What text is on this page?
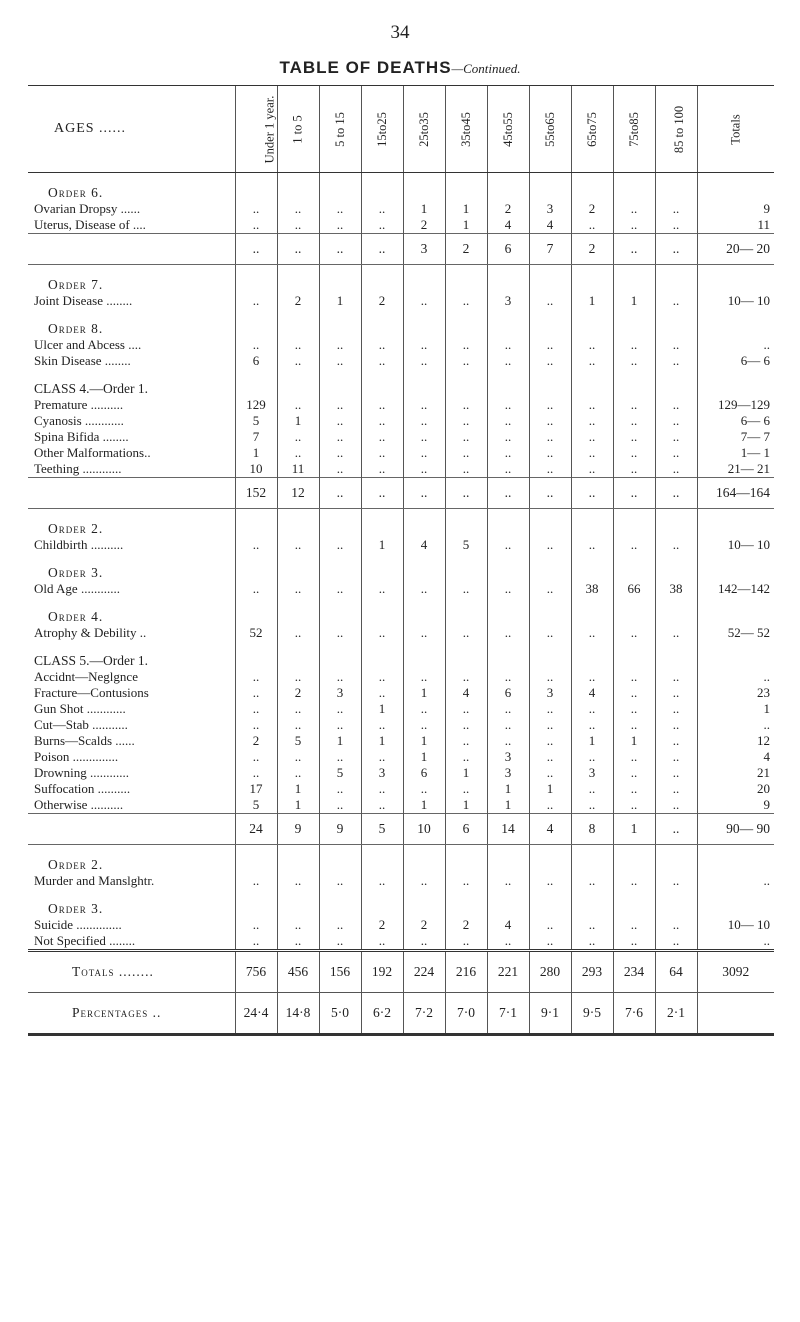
34
TABLE OF DEATHS—Continued.
AGES ......	Under 1 year.	1 to 5	5 to 15	15to25	25to35	35to45	45to55	55to65	65to75	75to85	85 to 100	Totals
Order 6.												
Ovarian Dropsy ......	..	..	..	..	1	1	2	3	2	..	..	9
Uterus, Disease of ....	..	..	..	..	2	1	4	4	..	..	..	11
	..	..	..	..	3	2	6	7	2	..	..	20— 20
Order 7.												
Joint Disease ........	..	2	1	2	..	..	3	..	1	1	..	10— 10
Order 8.												
Ulcer and Abcess ....	..	..	..	..	..	..	..	..	..	..	..	..
Skin Disease ........	6	..	..	..	..	..	..	..	..	..	..	6— 6
CLASS 4.—Order 1.												
Premature ..........	129	..	..	..	..	..	..	..	..	..	..	129—129
Cyanosis ............	5	1	..	..	..	..	..	..	..	..	..	6— 6
Spina Bifida ........	7	..	..	..	..	..	..	..	..	..	..	7— 7
Other Malformations..	1	..	..	..	..	..	..	..	..	..	..	1— 1
Teething ............	10	11	..	..	..	..	..	..	..	..	..	21— 21
	152	12	..	..	..	..	..	..	..	..	..	164—164
Order 2.												
Childbirth ..........	..	..	..	1	4	5	..	..	..	..	..	10— 10
Order 3.												
Old Age ............	..	..	..	..	..	..	..	..	38	66	38	142—142
Order 4.												
Atrophy & Debility ..	52	..	..	..	..	..	..	..	..	..	..	52— 52
CLASS 5.—Order 1.												
Accidnt—Neglgnce	..	..	..	..	..	..	..	..	..	..	..	..
Fracture—Contusions	..	2	3	..	1	4	6	3	4	..	..	23
Gun Shot ............	..	..	..	1	..	..	..	..	..	..	..	1
Cut—Stab ...........	..	..	..	..	..	..	..	..	..	..	..	..
Burns—Scalds ......	2	5	1	1	1	..	..	..	1	1	..	12
Poison ..............	..	..	..	..	1	..	3	..	..	..	..	4
Drowning ............	..	..	5	3	6	1	3	..	3	..	..	21
Suffocation ..........	17	1	..	..	..	..	1	1	..	..	..	20
Otherwise ..........	5	1	..	..	1	1	1	..	..	..	..	9
	24	9	9	5	10	6	14	4	8	1	..	90— 90
Order 2.												
Murder and Manslghtr.	..	..	..	..	..	..	..	..	..	..	..	..
Order 3.												
Suicide ..............	..	..	..	2	2	2	4	..	..	..	..	10— 10
Not Specified ........	..	..	..	..	..	..	..	..	..	..	..	..
Totals ........	756	456	156	192	224	216	221	280	293	234	64	3092
Percentages ..	24·4	14·8	5·0	6·2	7·2	7·0	7·1	9·1	9·5	7·6	2·1	
